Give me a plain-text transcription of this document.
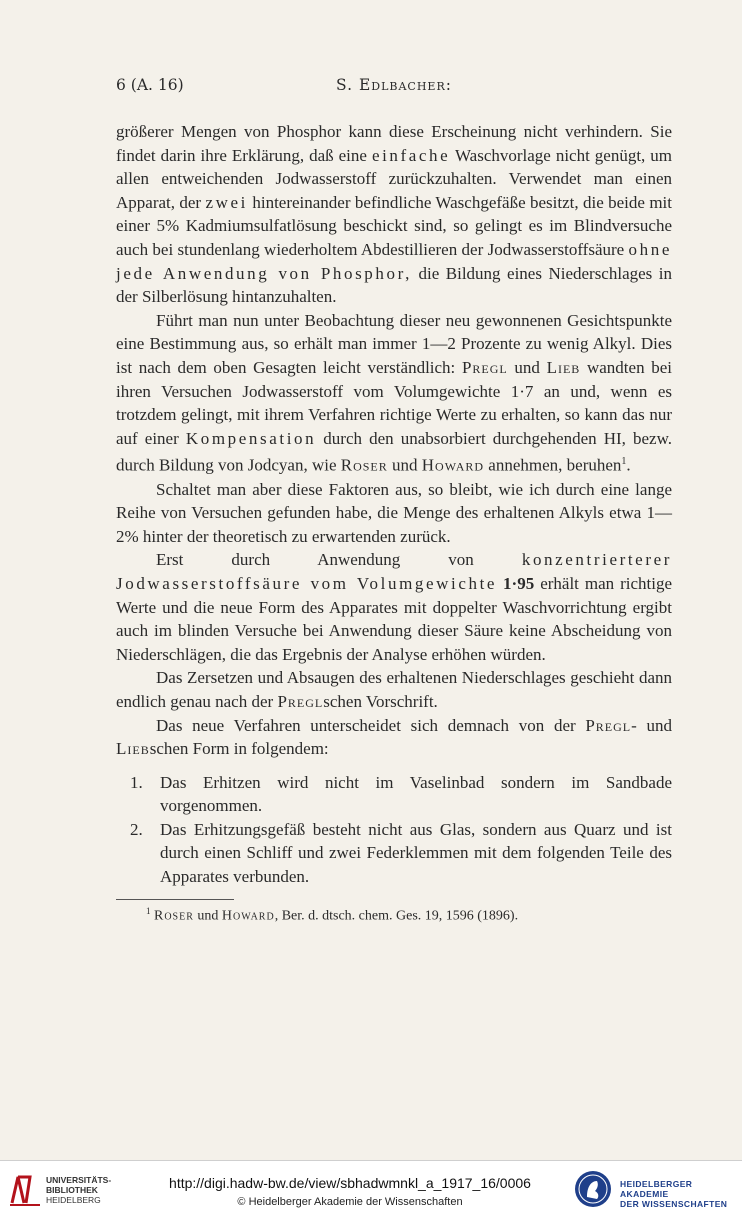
6 (A. 16)	S. Edlbacher:

größerer Mengen von Phosphor kann diese Erscheinung nicht verhindern. Sie findet darin ihre Erklärung, daß eine einfache Waschvorlage nicht genügt, um allen entweichenden Jodwasserstoff zurückzuhalten. Verwendet man einen Apparat, der zwei hintereinander befindliche Waschgefäße besitzt, die beide mit einer 5% Kadmiumsulfatlösung beschickt sind, so gelingt es im Blindversuche auch bei stundenlang wiederholtem Abdestillieren der Jodwasserstoffsäure ohne jede Anwendung von Phosphor, die Bildung eines Niederschlages in der Silberlösung hintanzuhalten.

Führt man nun unter Beobachtung dieser neu gewonnenen Gesichtspunkte eine Bestimmung aus, so erhält man immer 1—2 Prozente zu wenig Alkyl. Dies ist nach dem oben Gesagten leicht verständlich: Pregl und Lieb wandten bei ihren Versuchen Jodwasserstoff vom Volumgewichte 1·7 an und, wenn es trotzdem gelingt, mit ihrem Verfahren richtige Werte zu erhalten, so kann das nur auf einer Kompensation durch den unabsorbiert durchgehenden HI, bezw. durch Bildung von Jodcyan, wie Roser und Howard annehmen, beruhen$^1$.

Schaltet man aber diese Faktoren aus, so bleibt, wie ich durch eine lange Reihe von Versuchen gefunden habe, die Menge des erhaltenen Alkyls etwa 1—2% hinter der theoretisch zu erwartenden zurück.

Erst durch Anwendung von konzentrierterer Jodwasserstoffsäure vom Volumgewichte 1·95 erhält man richtige Werte und die neue Form des Apparates mit doppelter Waschvorrichtung ergibt auch im blinden Versuche bei Anwendung dieser Säure keine Abscheidung von Niederschlägen, die das Ergebnis der Analyse erhöhen würden.

Das Zersetzen und Absaugen des erhaltenen Niederschlages geschieht dann endlich genau nach der Preglschen Vorschrift.

Das neue Verfahren unterscheidet sich demnach von der Pregl- und Liebschen Form in folgendem:

1. Das Erhitzen wird nicht im Vaselinbad sondern im Sandbade vorgenommen.
2. Das Erhitzungsgefäß besteht nicht aus Glas, sondern aus Quarz und ist durch einen Schliff und zwei Federklemmen mit dem folgenden Teile des Apparates verbunden.

$^1$ Roser und Howard, Ber. d. dtsch. chem. Ges. 19, 1596 (1896).

UNIVERSITÄTS-
BIBLIOTHEK
HEIDELBERG
http://digi.hadw-bw.de/view/sbhadwmnkl_a_1917_16/0006
© Heidelberger Akademie der Wissenschaften
HEIDELBERGER AKADEMIE
DER WISSENSCHAFTEN
